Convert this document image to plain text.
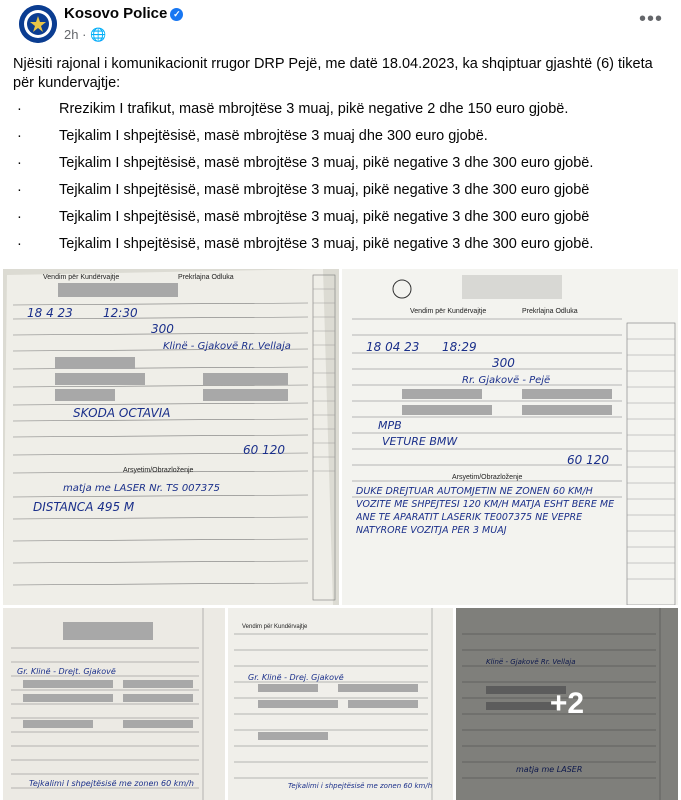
Kosovo Police ✓
2h · 🌐
•••

Njësiti rajonal i komunikacionit rrugor DRP Pejë, me datë 18.04.2023, ka shqiptuar gjashtë (6) tiketa për kundervajtje:

·	Rrezikim I trafikut, masë mbrojtëse 3 muaj, pikë negative 2 dhe 150 euro gjobë.
·	Tejkalim I shpejtësisë, masë mbrojtëse 3 muaj dhe 300 euro gjobë.
·	Tejkalim I shpejtësisë, masë mbrojtëse 3 muaj, pikë negative 3 dhe 300 euro gjobë.
·	Tejkalim I shpejtësisë, masë mbrojtëse 3 muaj, pikë negative 3 dhe 300 euro gjobë
·	Tejkalim I shpejtësisë, masë mbrojtëse 3 muaj, pikë negative 3 dhe 300 euro gjobë
·	Tejkalim I shpejtësisë, masë mbrojtëse 3 muaj, pikë negative 3 dhe 300 euro gjobë.
Vendim për Kundërvajtje	Prekrlajna Odluka
18 4 23	12:30
300
Klinë - Gjakovë Rr. Vellaja
SKODA OCTAVIA
60 120
Arsyetim/Obrazloženje
matja me LASER Nr. TS 007375
DISTANCA 495 M
Vendim për Kundërvajtje	Prekrlajna Odluka
18 04 23 18:29
300
Rr. Gjakovë - Pejë
MPB
VETURE BMW
60 120
Arsyetim/Obrazloženje
DUKE DREJTUAR AUTOMJETIN NE ZONEN 60 KM/H VOZITE ME SHPEJTESI 120 KM/H MATJA ESHT BERE ME ANE TE APARATIT LASERIK TE007375 NE VEPRE NATYRORE VOZITJA PER 3 MUAJ
Gr. Klinë - Drejt. Gjakovë
Tejkalimi I shpejtësisë me zonen 60 km/h
Vendim për Kundërvajtje
Gr. Klinë - Drej. Gjakovë
Tejkalimi i shpejtësisë me zonen 60 km/h
Klinë - Gjakovë Rr. Vellaja
matja me LASER
+2
